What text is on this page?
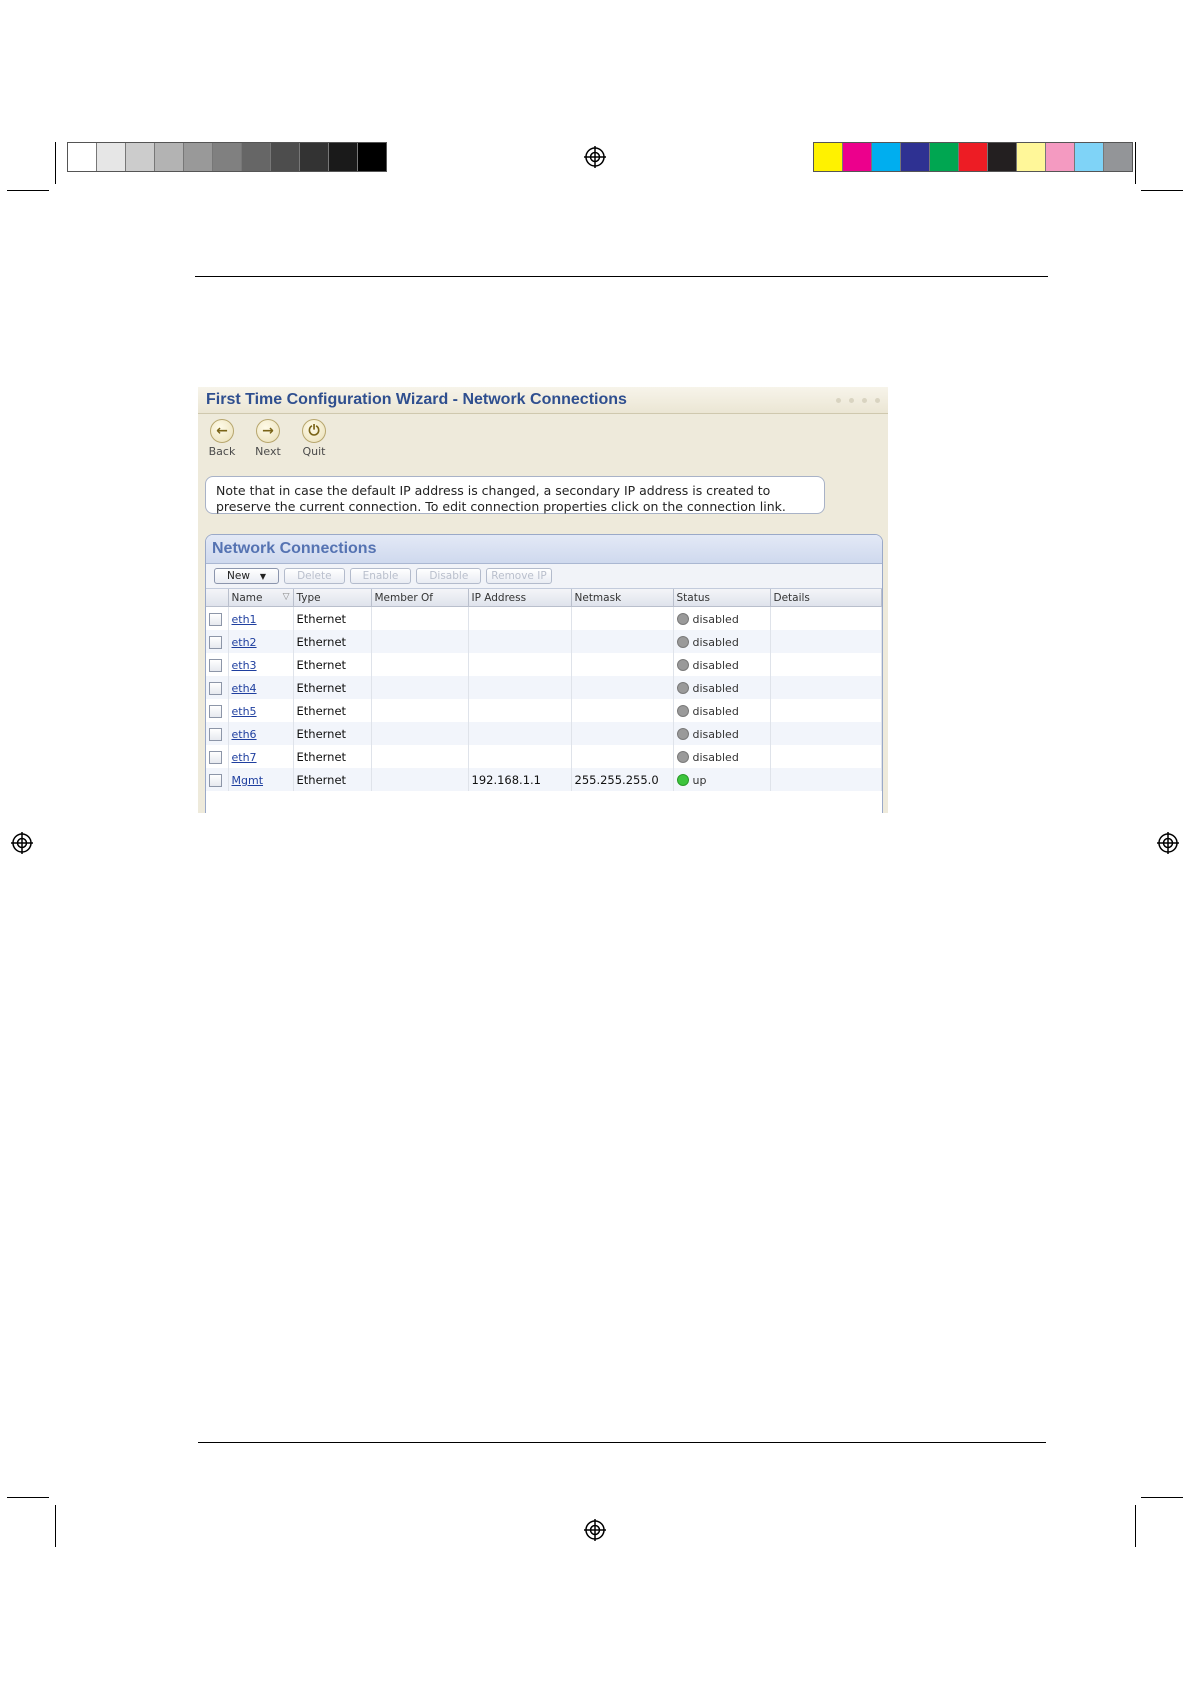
First Time Configuration Wizard - Network Connections
←
Back
→
Next
⏻
Quit

Note that in case the default IP address is changed, a secondary IP address is created to

preserve the current connection. To edit connection properties click on the connection link.

Network Connections
New ▼	Delete	Enable	Disable	Remove IP
	Name ▽	Type	Member Of	IP Address	Netmask	Status	Details
	eth1	Ethernet				disabled	
	eth2	Ethernet				disabled	
	eth3	Ethernet				disabled	
	eth4	Ethernet				disabled	
	eth5	Ethernet				disabled	
	eth6	Ethernet				disabled	
	eth7	Ethernet				disabled	
	Mgmt	Ethernet		192.168.1.1	255.255.255.0	up	
